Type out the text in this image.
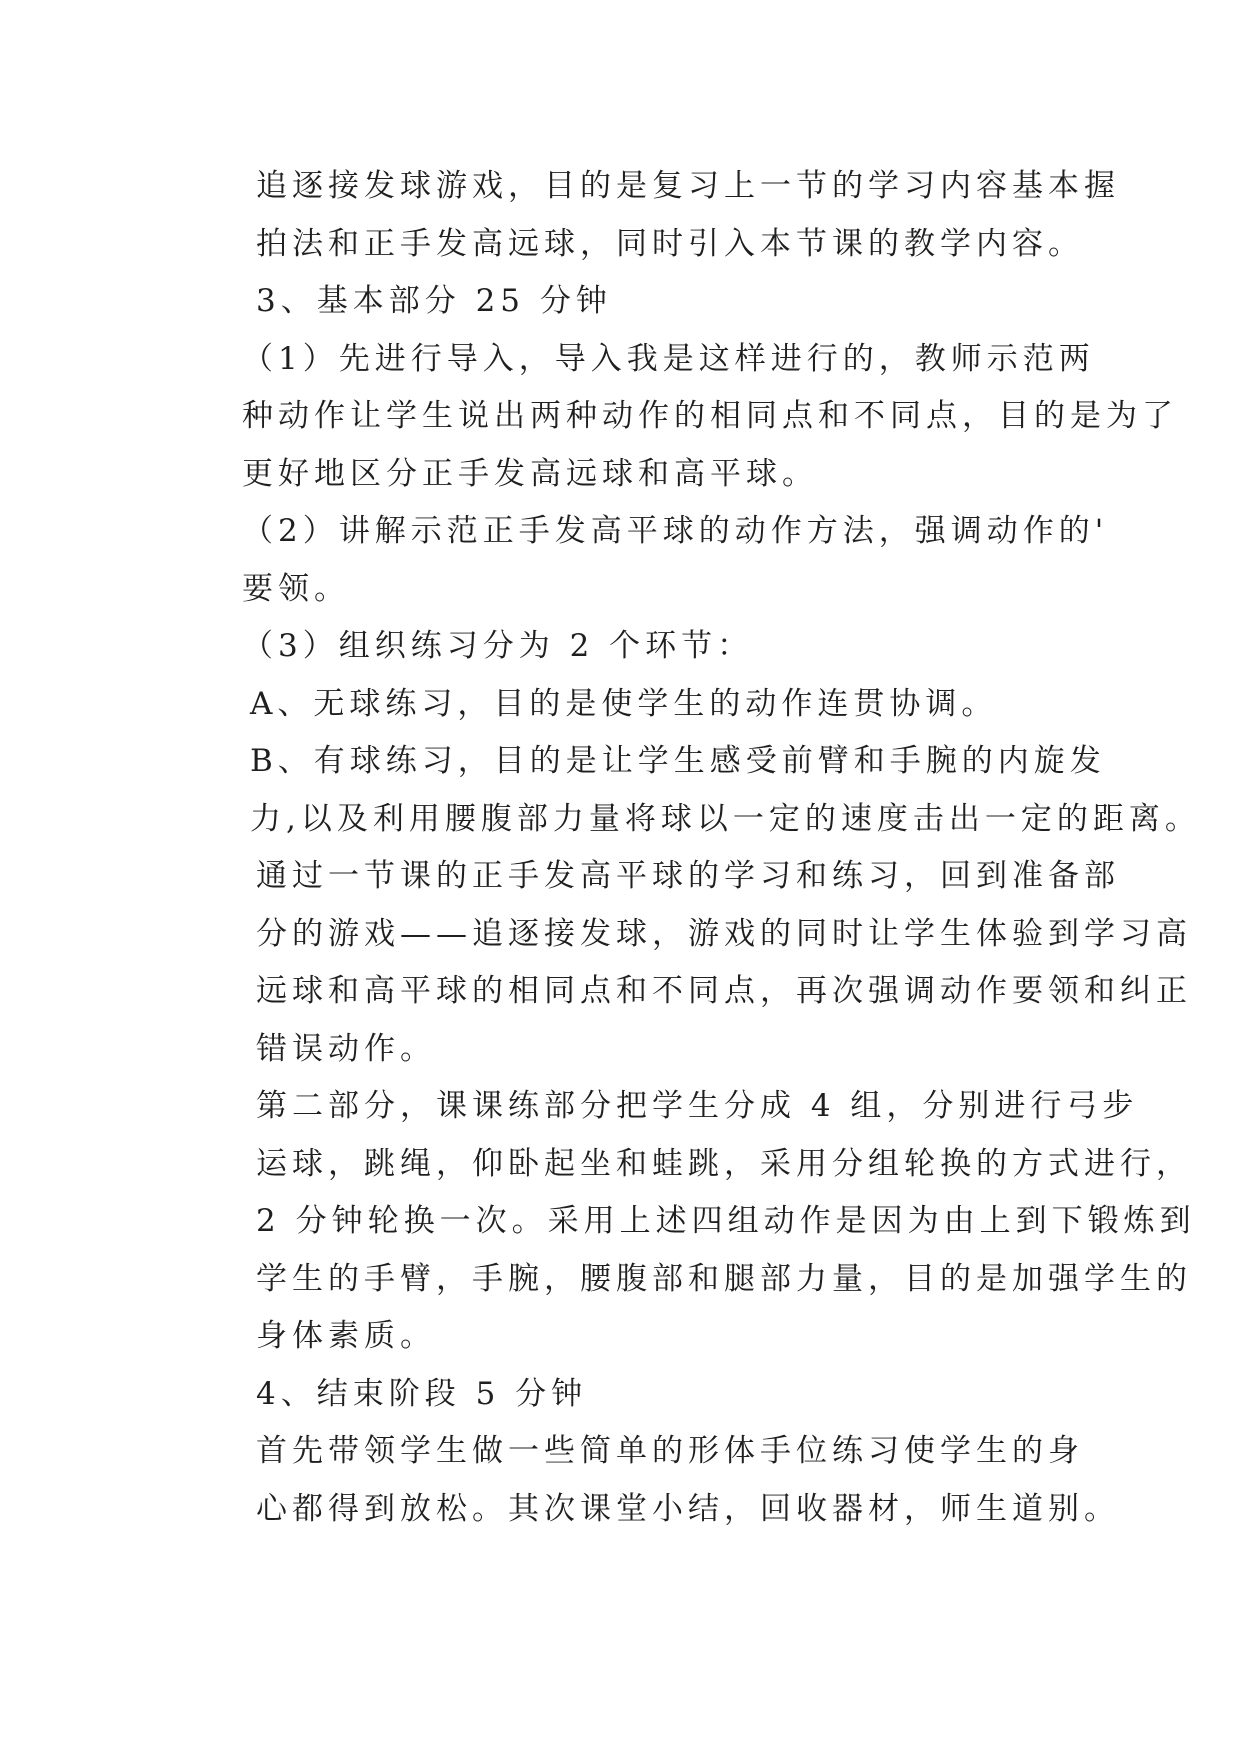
追逐接发球游戏，目的是复习上一节的学习内容基本握
拍法和正手发高远球，同时引入本节课的教学内容。

3、基本部分 25 分钟

（1）先进行导入，导入我是这样进行的，教师示范两
种动作让学生说出两种动作的相同点和不同点，目的是为了
更好地区分正手发高远球和高平球。

（2）讲解示范正手发高平球的动作方法，强调动作的'
要领。

（3）组织练习分为 2 个环节：

A、无球练习，目的是使学生的动作连贯协调。

B、有球练习，目的是让学生感受前臂和手腕的内旋发
力,以及利用腰腹部力量将球以一定的速度击出一定的距离。

通过一节课的正手发高平球的学习和练习，回到准备部
分的游戏——追逐接发球，游戏的同时让学生体验到学习高
远球和高平球的相同点和不同点，再次强调动作要领和纠正
错误动作。

第二部分，课课练部分把学生分成 4 组，分别进行弓步
运球，跳绳，仰卧起坐和蛙跳，采用分组轮换的方式进行，
2 分钟轮换一次。采用上述四组动作是因为由上到下锻炼到
学生的手臂，手腕，腰腹部和腿部力量，目的是加强学生的
身体素质。

4、结束阶段 5 分钟

首先带领学生做一些简单的形体手位练习使学生的身
心都得到放松。其次课堂小结，回收器材，师生道别。
